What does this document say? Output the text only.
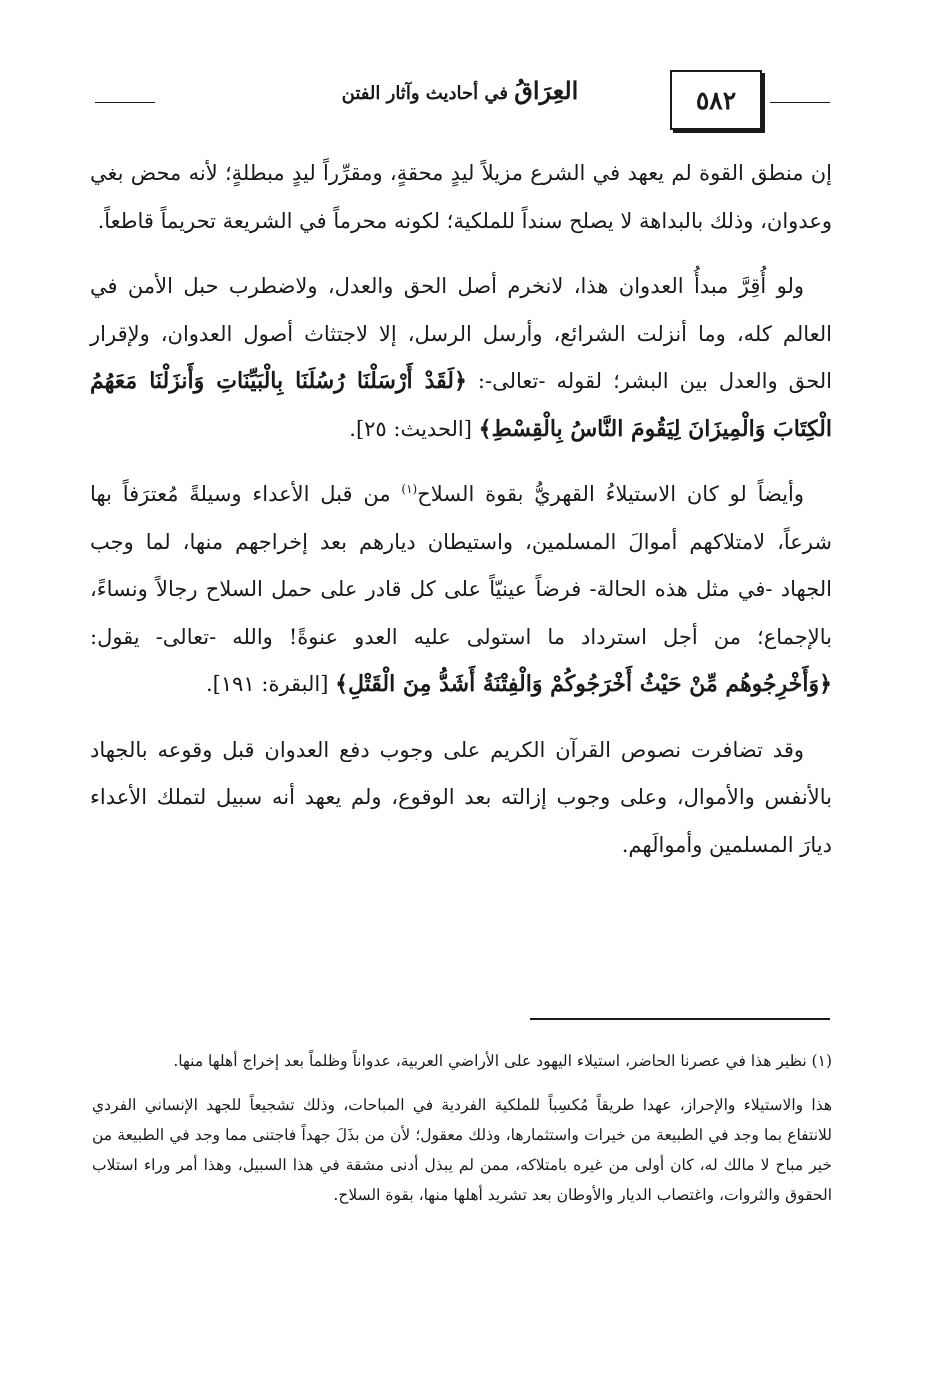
٥٨٢
العِرَاقُ في أحاديث وآثار الفتن

إن منطق القوة لم يعهد في الشرع مزيلاً ليدٍ محقةٍ، ومقرِّراً ليدٍ مبطلةٍ؛ لأنه محض بغي وعدوان، وذلك بالبداهة لا يصلح سنداً للملكية؛ لكونه محرماً في الشريعة تحريماً قاطعاً.

ولو أُقِرَّ مبدأُ العدوان هذا، لانخرم أصل الحق والعدل، ولاضطرب حبل الأمن في العالم كله، وما أنزلت الشرائع، وأرسل الرسل، إلا لاجتثاث أصول العدوان، ولإقرار الحق والعدل بين البشر؛ لقوله -تعالى-: ﴿لَقَدْ أَرْسَلْنَا رُسُلَنَا بِالْبَيِّنَاتِ وَأَنزَلْنَا مَعَهُمُ الْكِتَابَ وَالْمِيزَانَ لِيَقُومَ النَّاسُ بِالْقِسْطِ﴾ [الحديث: ٢٥].

وأيضاً لو كان الاستيلاءُ القهريُّ بقوة السلاح$^{(١)}$ من قبل الأعداء وسيلةً مُعترَفاً بها شرعاً، لامتلاكهم أموالَ المسلمين، واستيطان ديارهم بعد إخراجهم منها، لما وجب الجهاد -في مثل هذه الحالة- فرضاً عينيّاً على كل قادر على حمل السلاح رجالاً ونساءً، بالإجماع؛ من أجل استرداد ما استولى عليه العدو عنوةً! والله -تعالى- يقول: ﴿وَأَخْرِجُوهُم مِّنْ حَيْثُ أَخْرَجُوكُمْ وَالْفِتْنَةُ أَشَدُّ مِنَ الْقَتْلِ﴾ [البقرة: ١٩١].

وقد تضافرت نصوص القرآن الكريم على وجوب دفع العدوان قبل وقوعه بالجهاد بالأنفس والأموال، وعلى وجوب إزالته بعد الوقوع، ولم يعهد أنه سبيل لتملك الأعداء ديارَ المسلمين وأموالَهم.

(١) نظير هذا في عصرنا الحاضر، استيلاء اليهود على الأراضي العربية، عدواناً وظلماً بعد إخراج أهلها منها.

هذا والاستيلاء والإحراز، عهدا طريقاً مُكسِباً للملكية الفردية في المباحات، وذلك تشجيعاً للجهد الإنساني الفردي للانتفاع بما وجد في الطبيعة من خيرات واستثمارها، وذلك معقول؛ لأن من بذَلَ جهداً فاجتنى مما وجد في الطبيعة من خير مباح لا مالك له، كان أولى من غيره بامتلاكه، ممن لم يبذل أدنى مشقة في هذا السبيل، وهذا أمر وراء استلاب الحقوق والثروات، واغتصاب الديار والأوطان بعد تشريد أهلها منها، بقوة السلاح.
